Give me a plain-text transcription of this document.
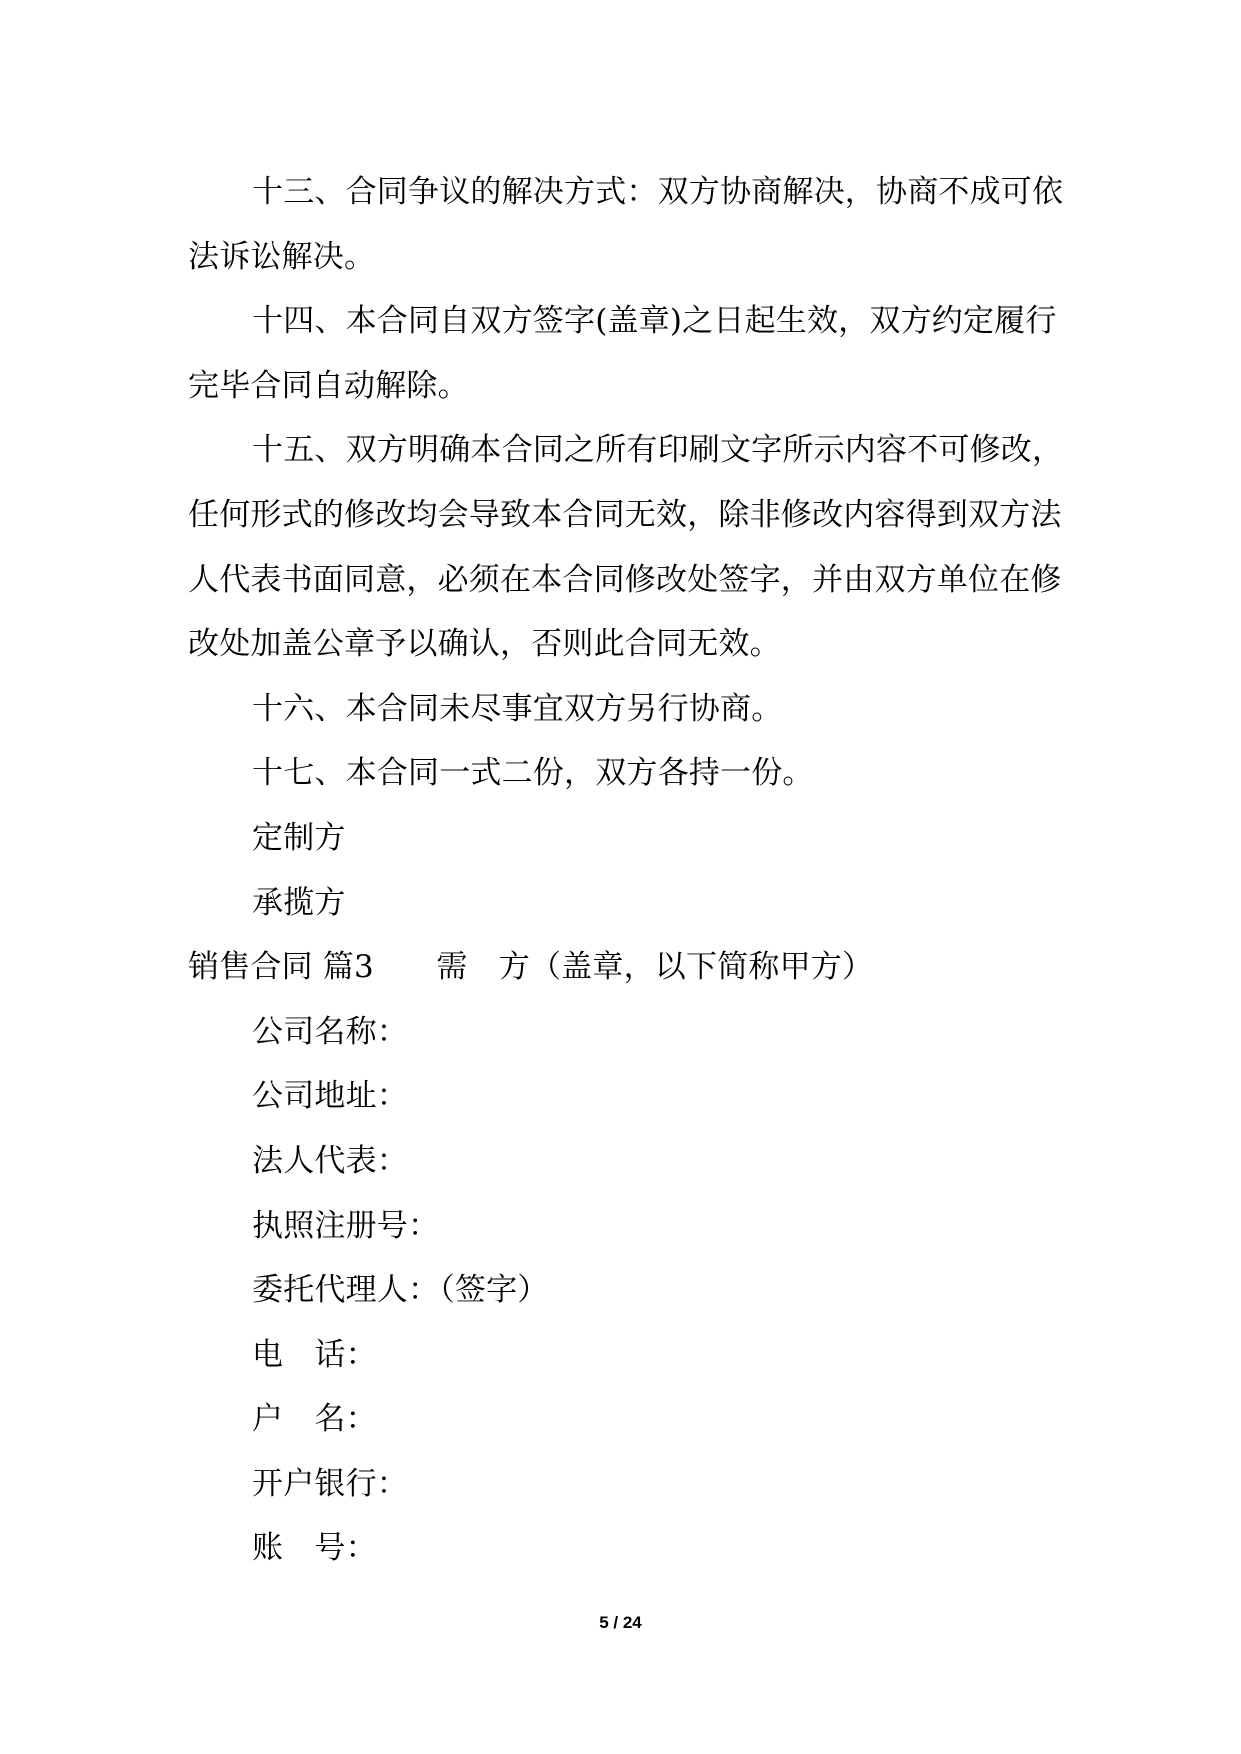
十三、合同争议的解决方式：双方协商解决，协商不成可依
法诉讼解决。
十四、本合同自双方签字(盖章)之日起生效，双方约定履行
完毕合同自动解除。
十五、双方明确本合同之所有印刷文字所示内容不可修改，
任何形式的修改均会导致本合同无效，除非修改内容得到双方法
人代表书面同意，必须在本合同修改处签字，并由双方单位在修
改处加盖公章予以确认，否则此合同无效。
十六、本合同未尽事宜双方另行协商。
十七、本合同一式二份，双方各持一份。
定制方
承揽方
销售合同 篇3　　需　方（盖章，以下简称甲方）
公司名称：
公司地址：
法人代表：
执照注册号：
委托代理人：（签字）
电　话：
户　名：
开户银行：
账　号：
5 / 24
